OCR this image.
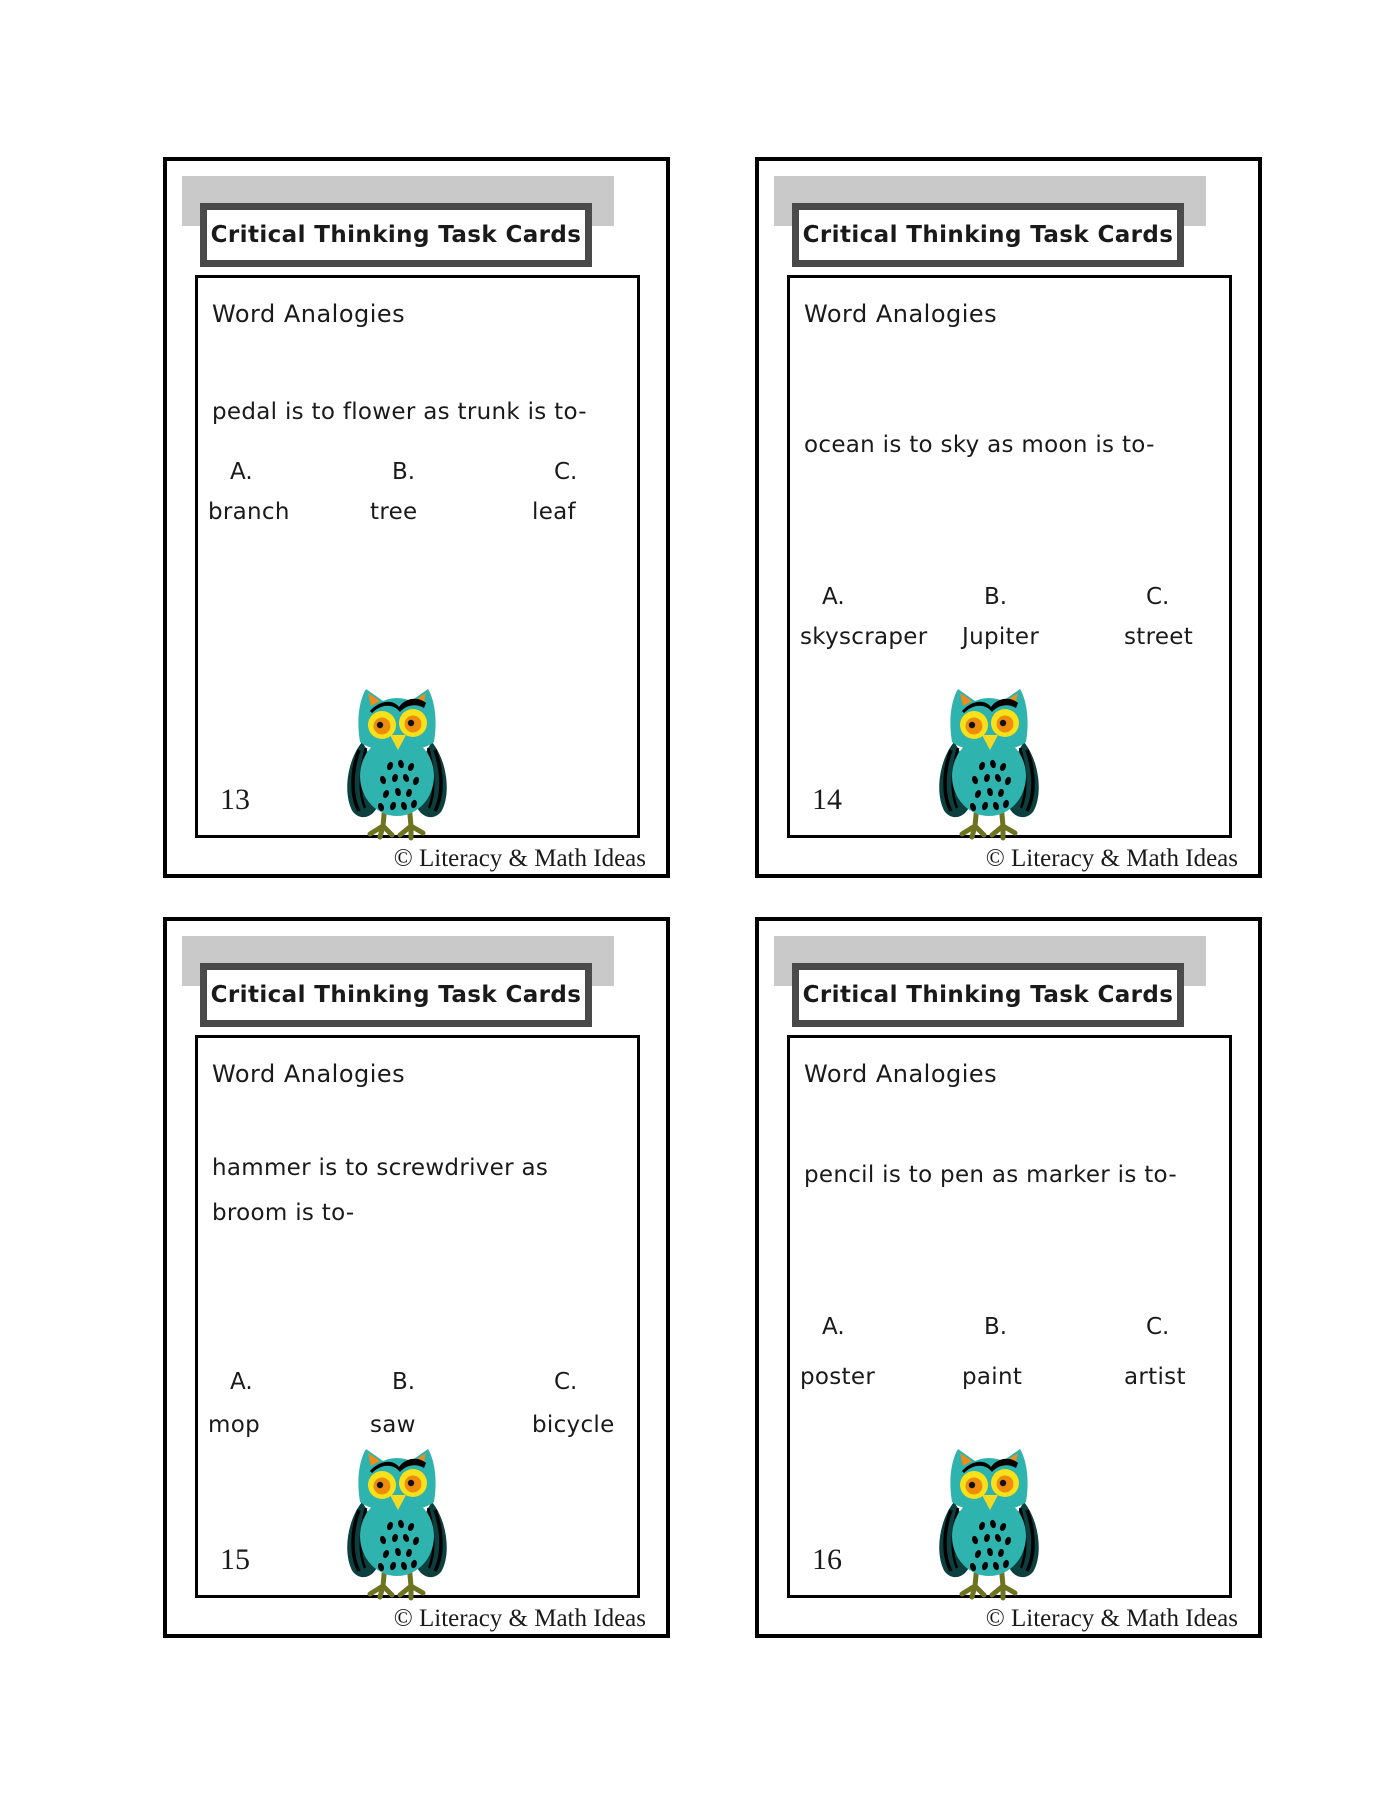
Critical Thinking Task Cards
Word Analogies
pedal is to flower as trunk is to-
A.
branch
B.
tree
C.
leaf
13
© Literacy & Math Ideas
Critical Thinking Task Cards
Word Analogies
ocean is to sky as moon is to-
A.
skyscraper
B.
Jupiter
C.
street
14
© Literacy & Math Ideas
Critical Thinking Task Cards
Word Analogies
hammer is to screwdriver as
broom is to-
A.
mop
B.
saw
C.
bicycle
15
© Literacy & Math Ideas
Critical Thinking Task Cards
Word Analogies
pencil is to pen as marker is to-
A.
poster
B.
paint
C.
artist
16
© Literacy & Math Ideas
